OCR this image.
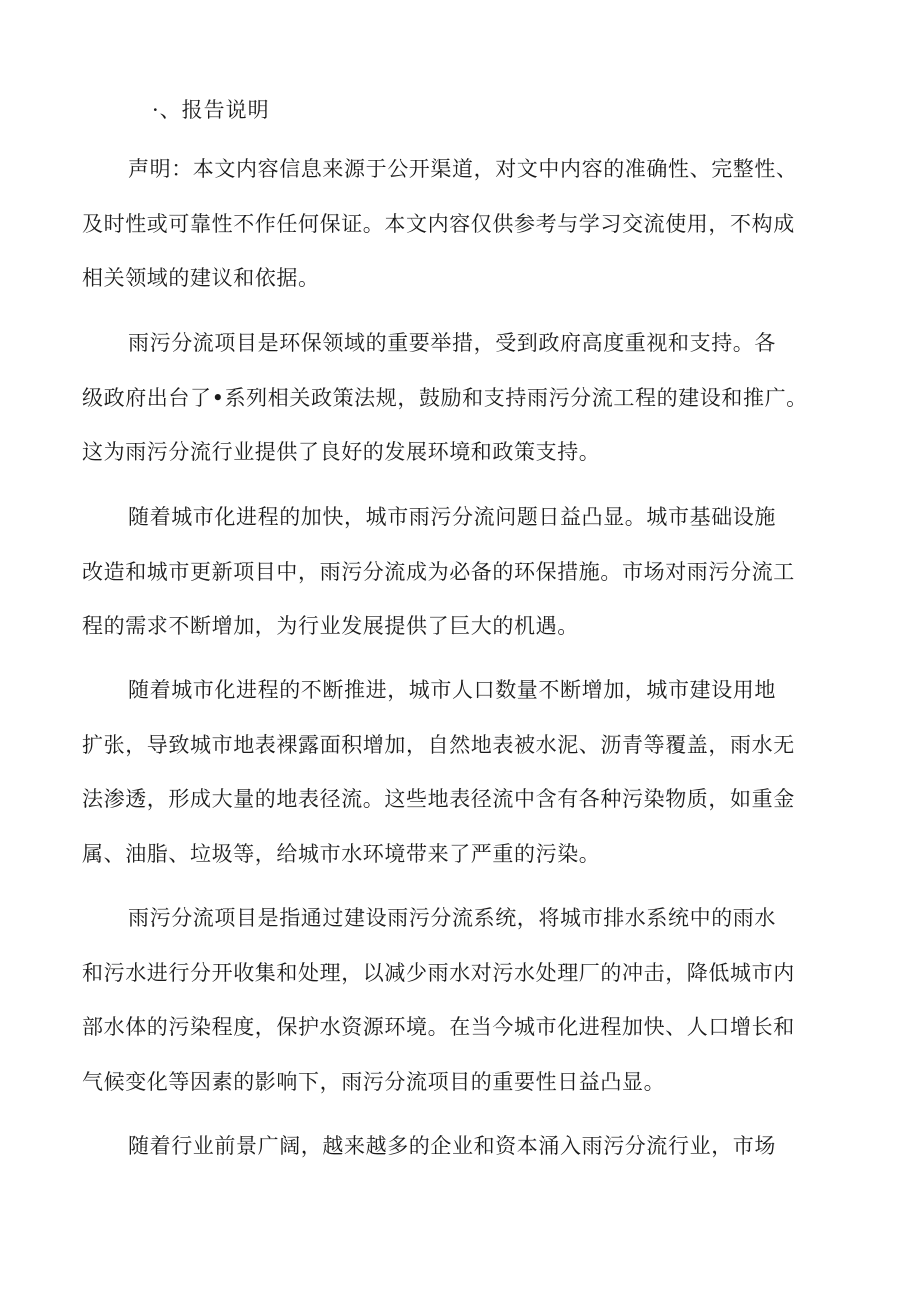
·、报告说明
声明：本文内容信息来源于公开渠道，对文中内容的准确性、完整性、
及时性或可靠性不作任何保证。本文内容仅供参考与学习交流使用，不构成
相关领域的建议和依据。
雨污分流项目是环保领域的重要举措，受到政府高度重视和支持。各
级政府出台了•系列相关政策法规，鼓励和支持雨污分流工程的建设和推广。
这为雨污分流行业提供了良好的发展环境和政策支持。
随着城市化进程的加快，城市雨污分流问题日益凸显。城市基础设施
改造和城市更新项目中，雨污分流成为必备的环保措施。市场对雨污分流工
程的需求不断增加，为行业发展提供了巨大的机遇。
随着城市化进程的不断推进，城市人口数量不断增加，城市建设用地
扩张，导致城市地表裸露面积增加，自然地表被水泥、沥青等覆盖，雨水无
法渗透，形成大量的地表径流。这些地表径流中含有各种污染物质，如重金
属、油脂、垃圾等，给城市水环境带来了严重的污染。
雨污分流项目是指通过建设雨污分流系统，将城市排水系统中的雨水
和污水进行分开收集和处理，以减少雨水对污水处理厂的冲击，降低城市内
部水体的污染程度，保护水资源环境。在当今城市化进程加快、人口增长和
气候变化等因素的影响下，雨污分流项目的重要性日益凸显。
随着行业前景广阔，越来越多的企业和资本涌入雨污分流行业，市场
